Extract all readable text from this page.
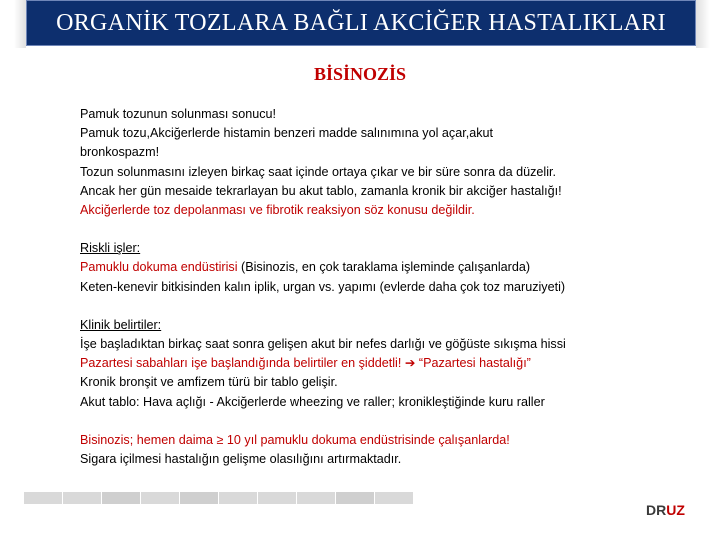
ORGANİK TOZLARA BAĞLI AKCİĞER HASTALIKLARI
BİSİNOZİS
Pamuk tozunun solunması sonucu!
Pamuk tozu,Akciğerlerde histamin benzeri madde salınımına yol açar,akut
bronkospazm!
Tozun solunmasını izleyen birkaç saat içinde ortaya çıkar ve bir süre sonra da düzelir.
Ancak her gün mesaide tekrarlayan bu akut tablo, zamanla kronik bir akciğer hastalığı!
Akciğerlerde toz depolanması ve fibrotik reaksiyon söz konusu değildir.
Riskli işler:
Pamuklu dokuma endüstirisi (Bisinozis, en çok taraklama işleminde çalışanlarda)
Keten-kenevir bitkisinden kalın iplik, urgan vs. yapımı (evlerde daha çok toz maruziyeti)
Klinik belirtiler:
İşe başladıktan birkaç saat sonra gelişen akut bir nefes darlığı ve göğüste sıkışma hissi
Pazartesi sabahları işe başlandığında belirtiler en şiddetli! ➔ “Pazartesi hastalığı”
Kronik bronşit ve amfizem türü bir tablo gelişir.
Akut tablo: Hava açlığı - Akciğerlerde wheezing ve raller; kronikleştiğinde kuru raller
Bisinozis; hemen daima ≥ 10 yıl pamuklu dokuma endüstrisinde çalışanlarda!
Sigara içilmesi hastalığın gelişme olasılığını artırmaktadır.
DRUZ
